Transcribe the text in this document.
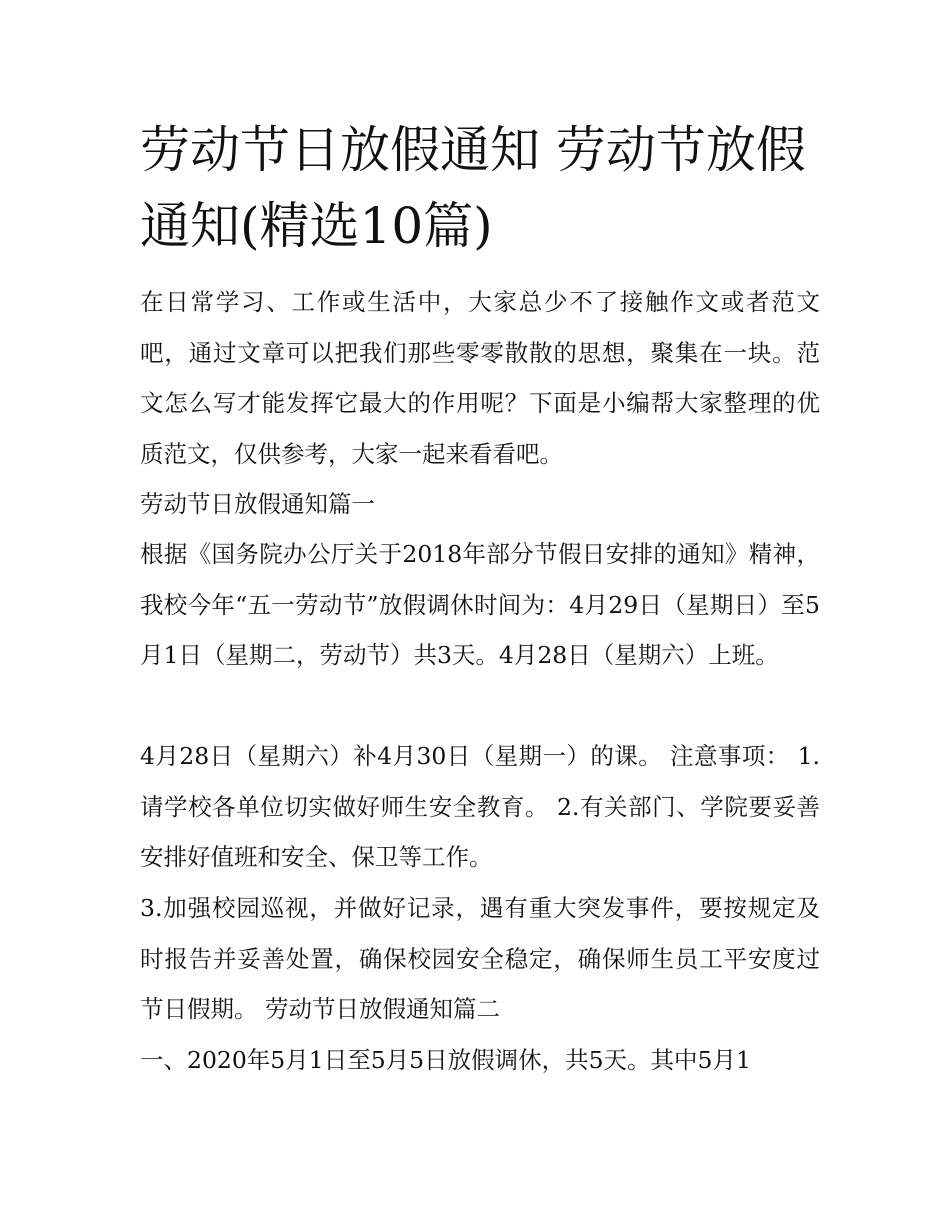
劳动节日放假通知 劳动节放假通知(精选10篇)

在日常学习、工作或生活中，大家总少不了接触作文或者范文吧，通过文章可以把我们那些零零散散的思想，聚集在一块。范文怎么写才能发挥它最大的作用呢？下面是小编帮大家整理的优质范文，仅供参考，大家一起来看看吧。

劳动节日放假通知篇一

根据《国务院办公厅关于2018年部分节假日安排的通知》精神，我校今年“五一劳动节”放假调休时间为：4月29日（星期日）至5月1日（星期二，劳动节）共3天。4月28日（星期六）上班。

4月28日（星期六）补4月30日（星期一）的课。 注意事项： 1.请学校各单位切实做好师生安全教育。 2.有关部门、学院要妥善安排好值班和安全、保卫等工作。

3.加强校园巡视，并做好记录，遇有重大突发事件，要按规定及时报告并妥善处置，确保校园安全稳定，确保师生员工平安度过节日假期。 劳动节日放假通知篇二

一、2020年5月1日至5月5日放假调休，共5天。其中5月1
